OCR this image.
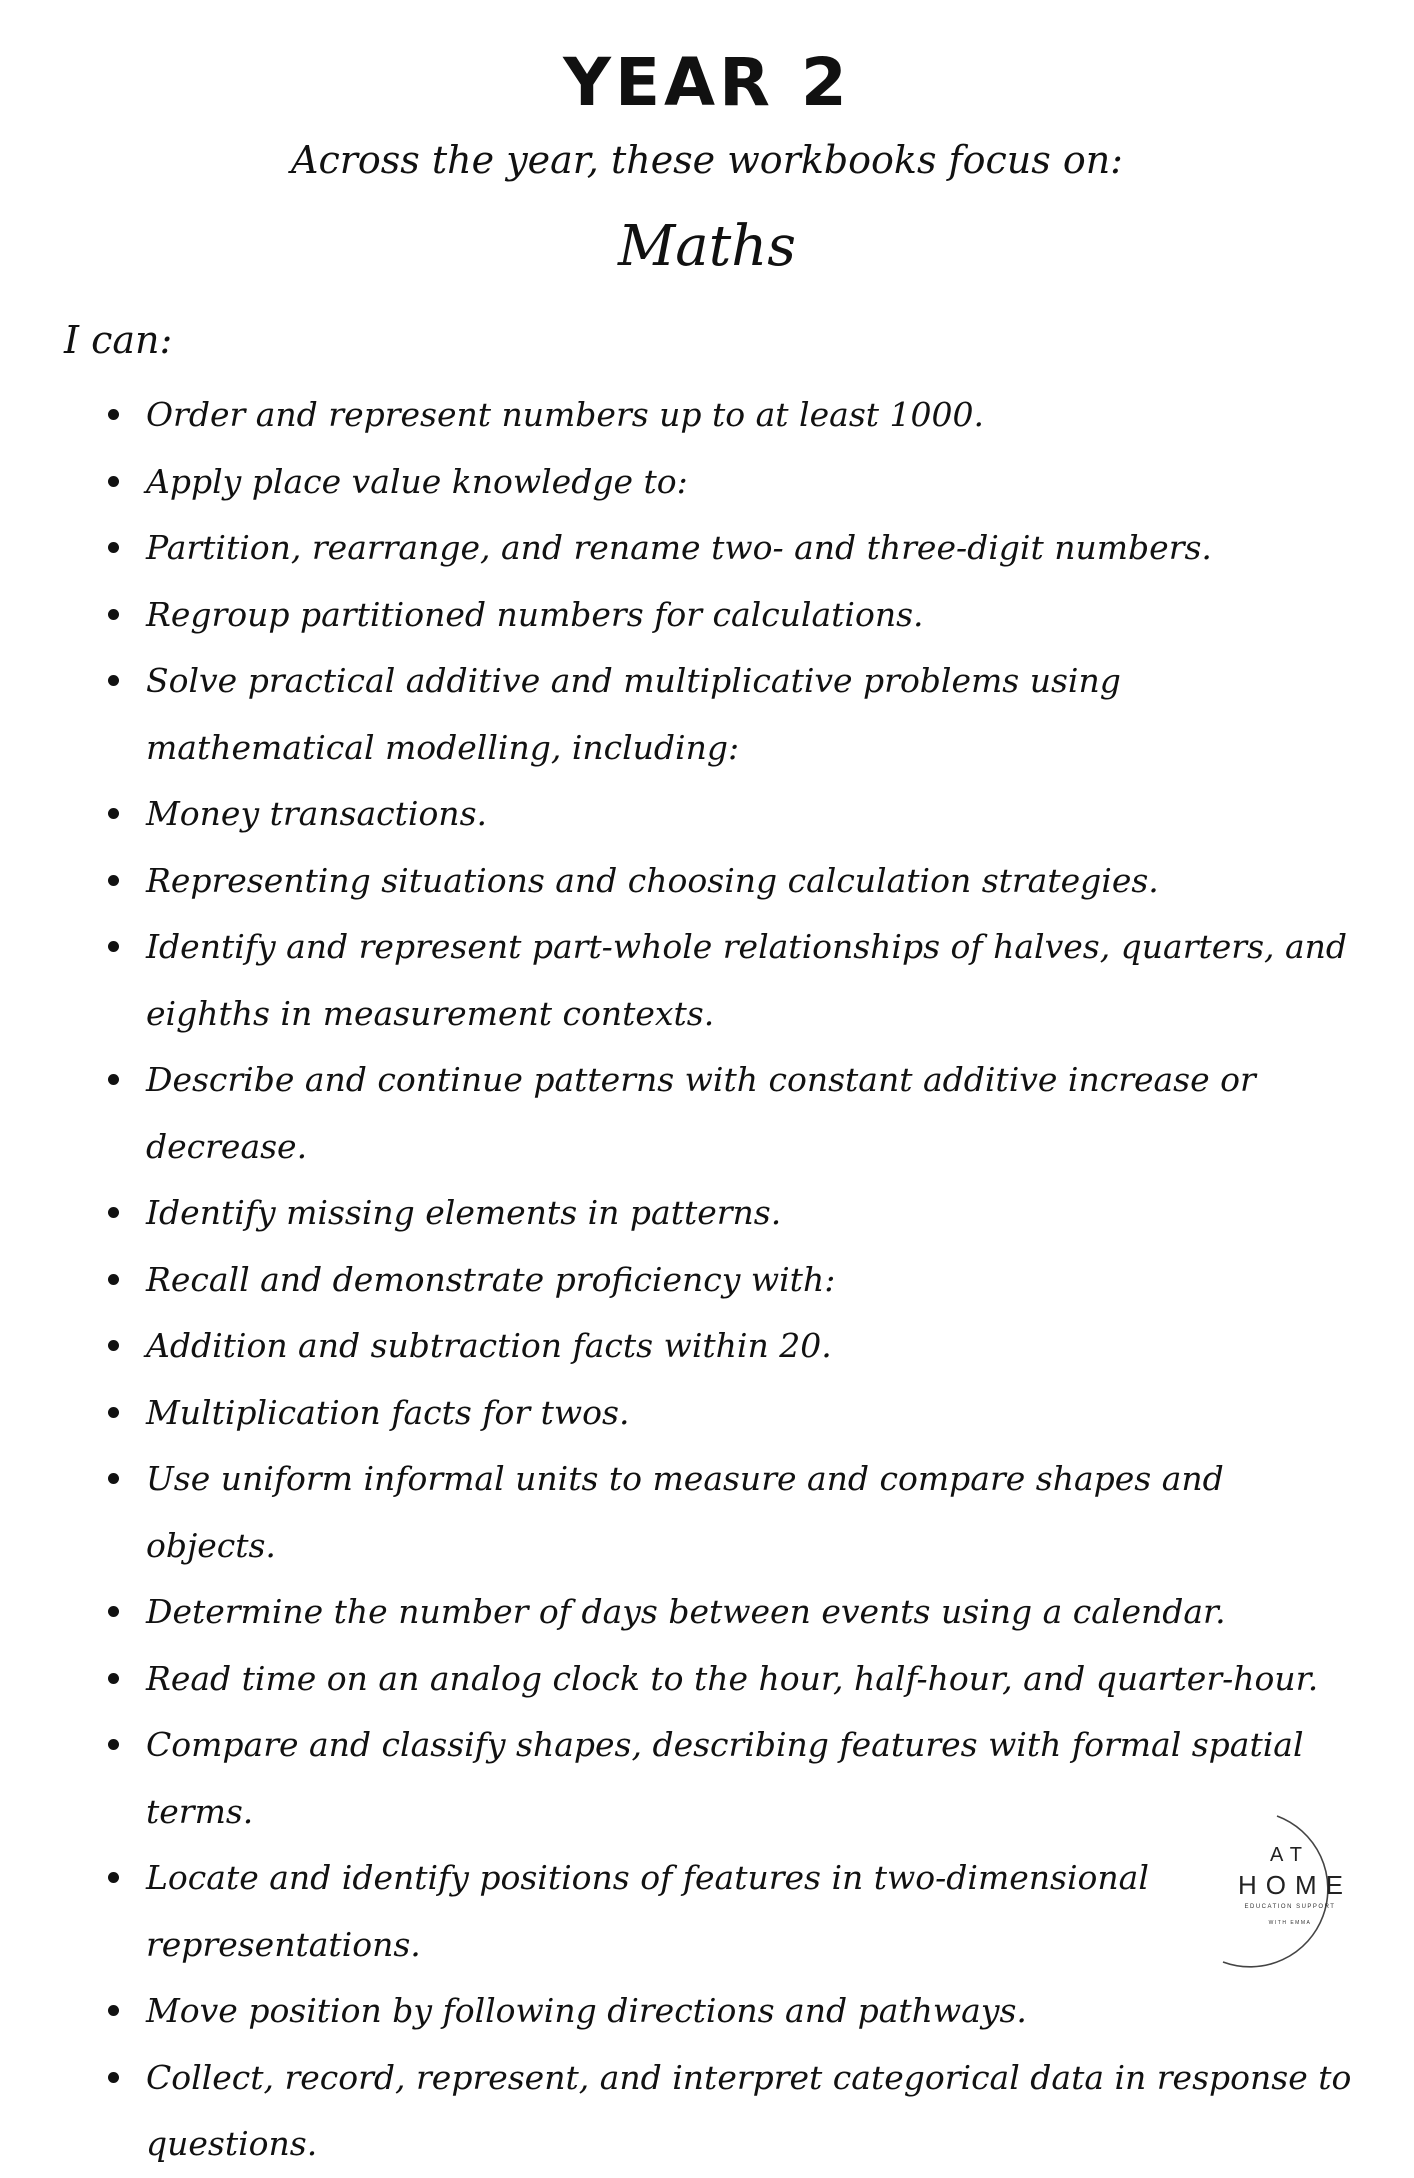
YEAR 2
Across the year, these workbooks focus on:
Maths
I can:
Order and represent numbers up to at least 1000.
Apply place value knowledge to:
Partition, rearrange, and rename two- and three-digit numbers.
Regroup partitioned numbers for calculations.
Solve practical additive and multiplicative problems using mathematical modelling, including:
Money transactions.
Representing situations and choosing calculation strategies.
Identify and represent part-whole relationships of halves, quarters, and eighths in measurement contexts.
Describe and continue patterns with constant additive increase or decrease.
Identify missing elements in patterns.
Recall and demonstrate proficiency with:
Addition and subtraction facts within 20.
Multiplication facts for twos.
Use uniform informal units to measure and compare shapes and objects.
Determine the number of days between events using a calendar.
Read time on an analog clock to the hour, half-hour, and quarter-hour.
Compare and classify shapes, describing features with formal spatial terms.
Locate and identify positions of features in two-dimensional representations.
Move position by following directions and pathways.
Collect, record, represent, and interpret categorical data in response to questions.
AT
HOME
EDUCATION SUPPORT
WITH EMMA
